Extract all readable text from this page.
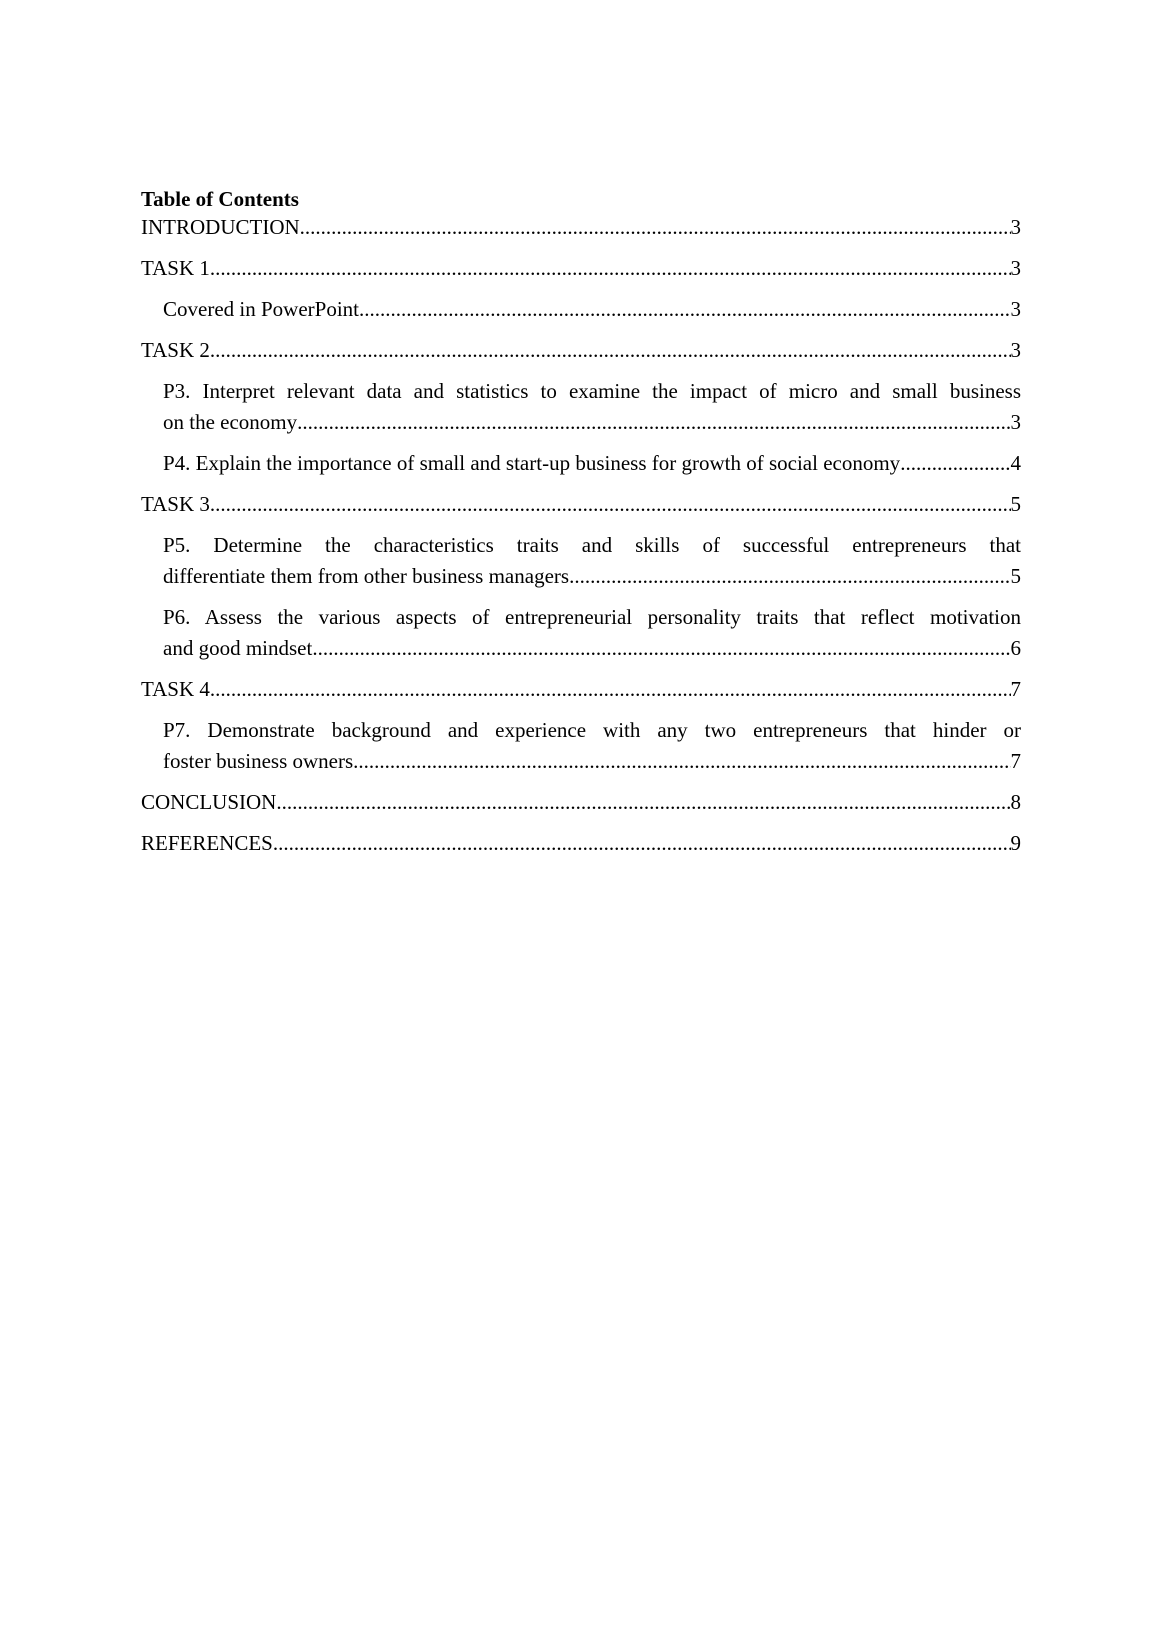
Table of Contents
INTRODUCTION .....	3
TASK 1 .....	3
Covered in PowerPoint .....	3
TASK 2 .....	3
P3. Interpret relevant data and statistics to examine the impact of micro and small business
on the economy .....	3
P4. Explain the importance of small and start-up business for growth of social economy .....	4
TASK 3 .....	5
P5. Determine the characteristics traits and skills of successful entrepreneurs that
differentiate them from other business managers .....	5
P6. Assess the various aspects of entrepreneurial personality traits that reflect motivation
and good mindset .....	6
TASK 4 .....	7
P7. Demonstrate background and experience with any two entrepreneurs that hinder or
foster business owners .....	7
CONCLUSION .....	8
REFERENCES .....	9
